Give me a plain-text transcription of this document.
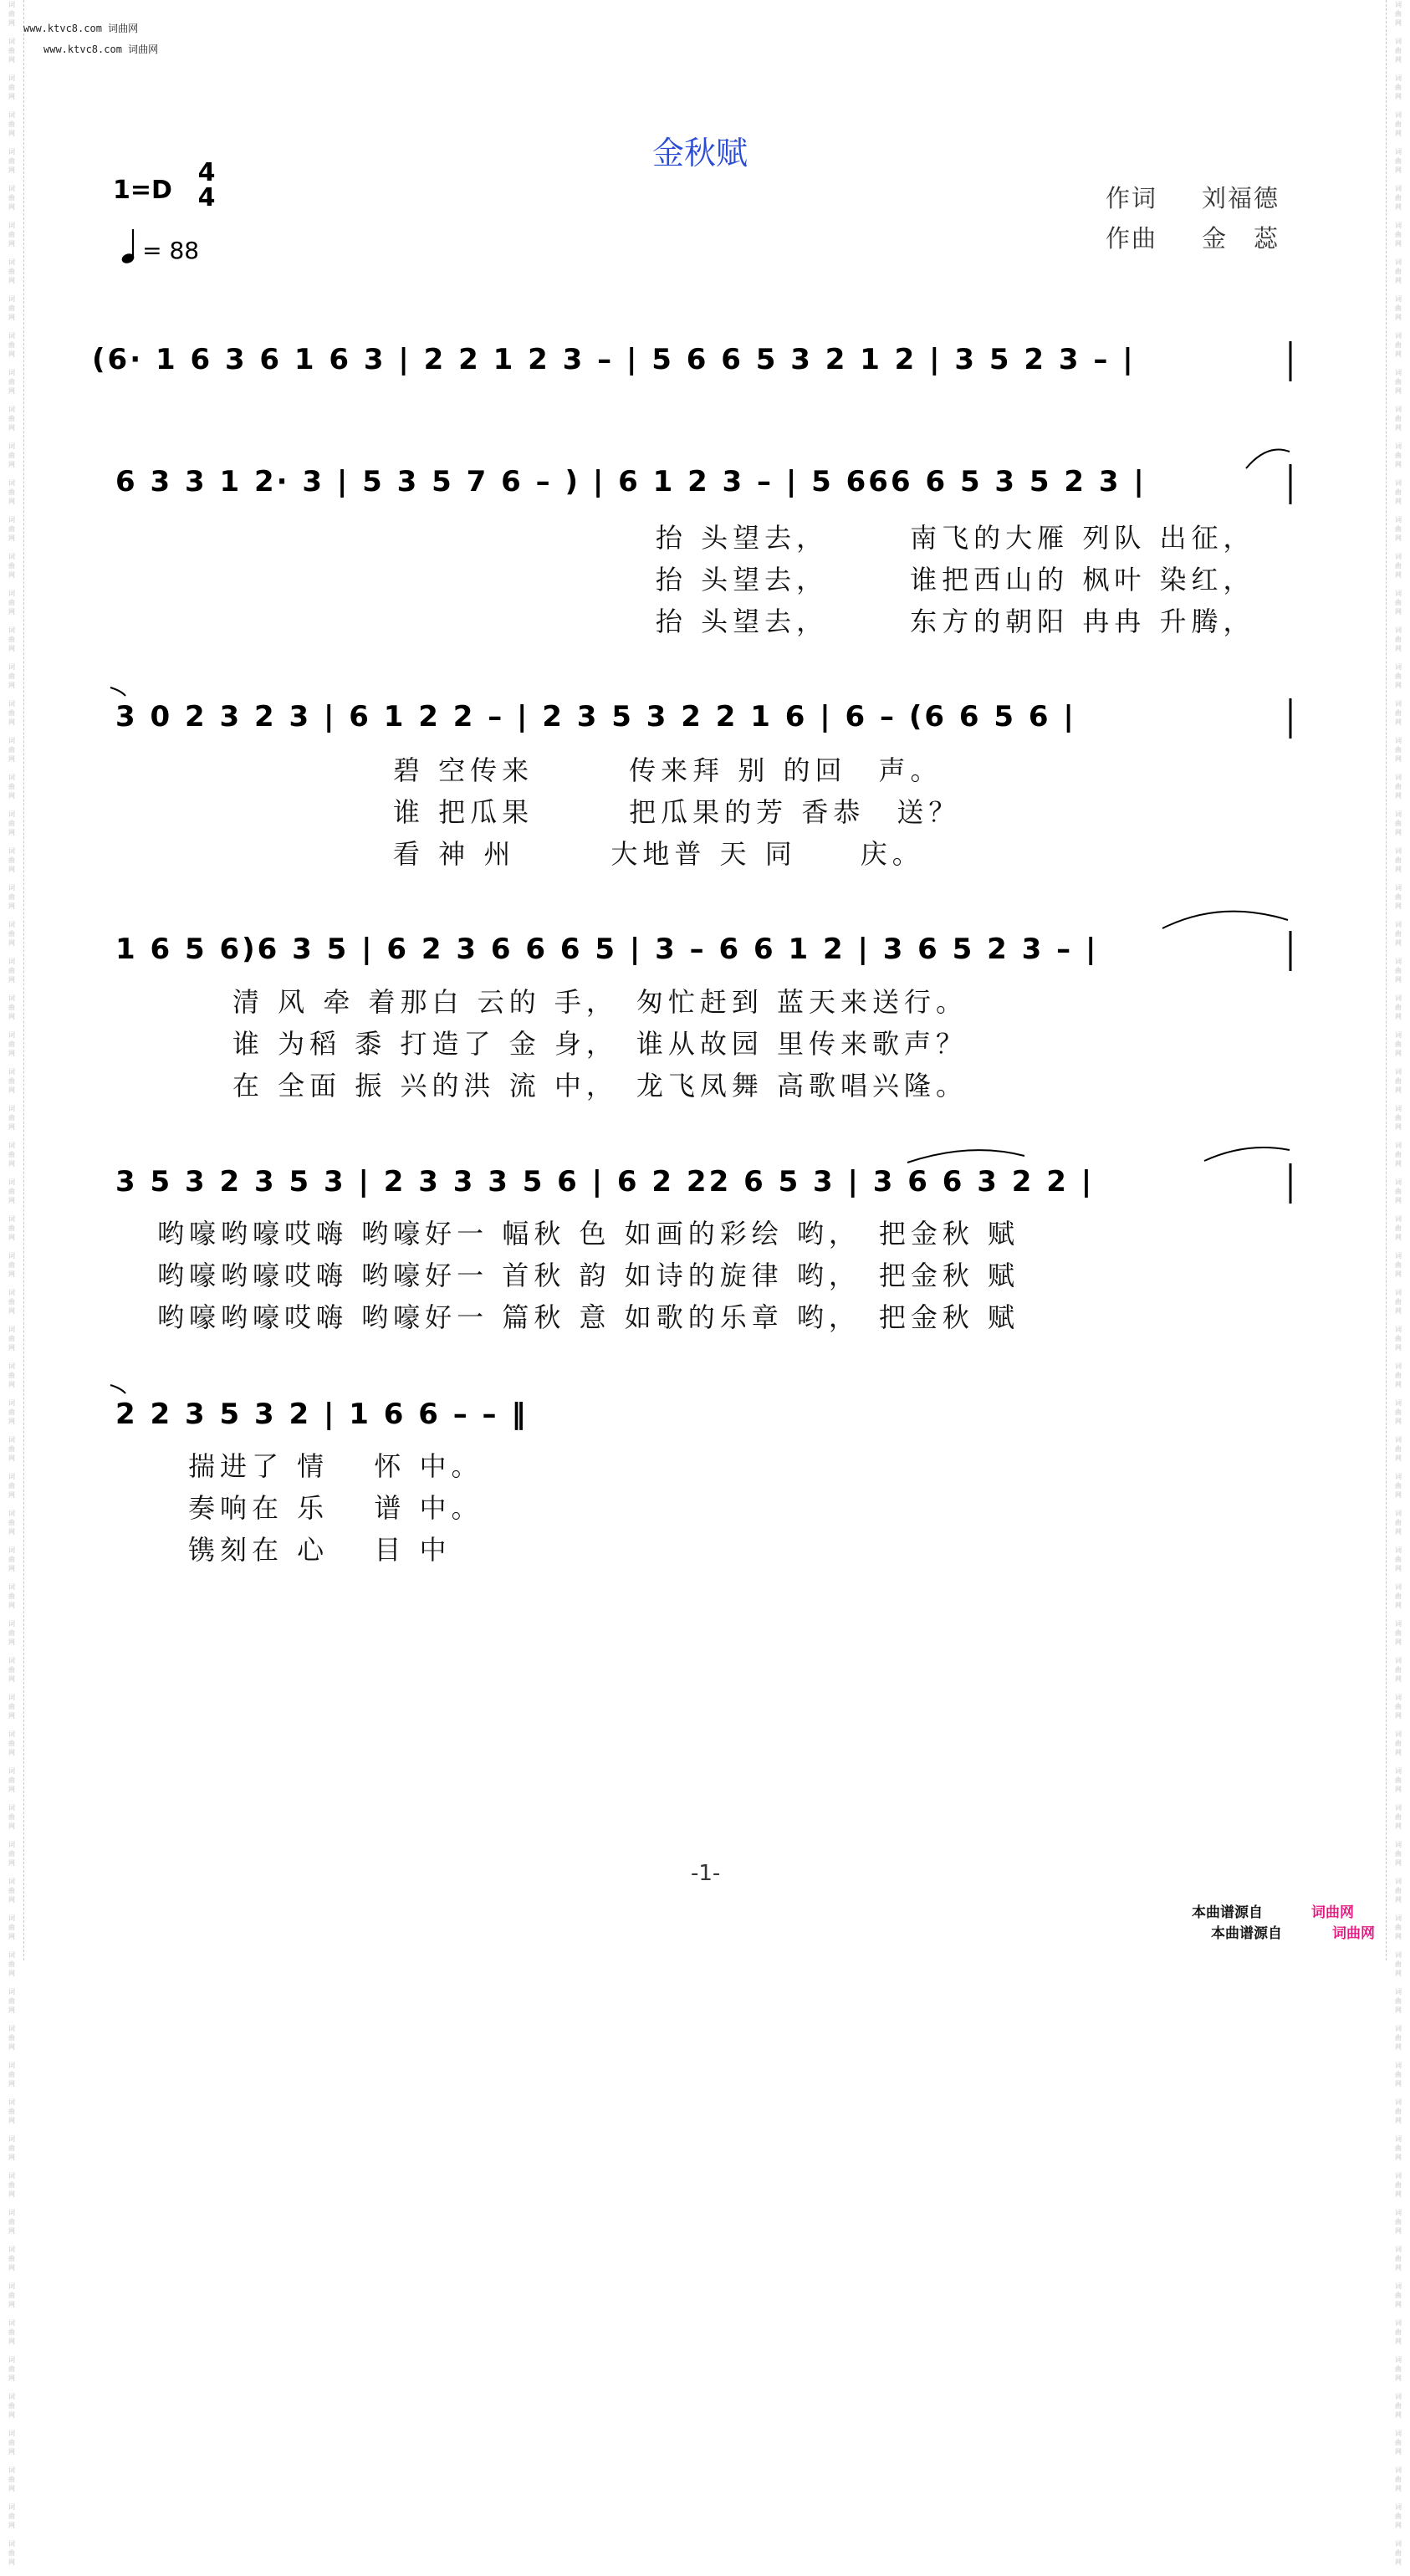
词
曲
网

词
曲
网

词
曲
网

词
曲
网

词
曲
网

词
曲
网

词
曲
网

词
曲
网

词
曲
网

词
曲
网

词
曲
网

词
曲
网

词
曲
网

词
曲
网

词
曲
网

词
曲
网

词
曲
网

词
曲
网

词
曲
网

词
曲
网

词
曲
网

词
曲
网

词
曲
网

词
曲
网

词
曲
网

词
曲
网

词
曲
网

词
曲
网

词
曲
网

词
曲
网

词
曲
网

词
曲
网

词
曲
网

词
曲
网

词
曲
网

词
曲
网

词
曲
网

词
曲
网

词
曲
网

词
曲
网

词
曲
网

词
曲
网

词
曲
网

词
曲
网

词
曲
网

词
曲
网

词
曲
网

词
曲
网

词
曲
网

词
曲
网

词
曲
网

词
曲
网

词
曲
网

词
曲
网

词
曲
网

词
曲
网

词
曲
网

词
曲
网

词
曲
网

词
曲
网

词
曲
网

词
曲
网

词
曲
网

词
曲
网

词
曲
网

词
曲
网

词
曲
网

词
曲
网

词
曲
网

词
曲
网

词
曲
网

词
曲
网

词
曲
网

词
曲
网

词
曲
网

词
曲
网

词
曲
网

词
曲
网

词
曲
网

词
曲
网

词
曲
网

词
曲
网

词
曲
网

词
曲
网

词
曲
网

词
曲
网

词
曲
网

词
曲
网

词
曲
网

词
曲
网

词
曲
网

词
曲
网

词
曲
网

词
曲
网

词
曲
网

词
曲
网

词
曲
网

词
曲
网

词
曲
网

词
曲
网

词
曲
网

词
曲
网

词
曲
网

词
曲
网

词
曲
网

词
曲
网

词
曲
网

词
曲
网

词
曲
网

词
曲
网

词
曲
网

词
曲
网

词
曲
网

词
曲
网

词
曲
网

词
曲
网

词
曲
网

词
曲
网

词
曲
网

词
曲
网

词
曲
网

词
曲
网

词
曲
网

词
曲
网

词
曲
网

词
曲
网

词
曲
网

词
曲
网

词
曲
网

词
曲
网

词
曲
网

词
曲
网

词
曲
网

词
曲
网

词
曲
网

词
曲
网

词
曲
网

词
曲
网

词
曲
网

词
曲
网

www.ktvc8.com 词曲网
www.ktvc8.com 词曲网
金秋赋
1=D
4
4
= 88
作词 刘福德
作曲 金　蕊
(6· 1 6 3 6 1 6 3 | 2 2 1 2 3 – | 5 6 6 5 3 2 1 2 | 3 5 2 3 – |
6 3 3 1 2· 3 | 5 3 5 7 6 – ) | 6 1 2 3 – | 5 666 6 5 3 5 2 3 |
抬 头望去，　　　南飞的大雁 列队 出征，
抬 头望去，　　　谁把西山的 枫叶 染红，
抬 头望去，　　　东方的朝阳 冉冉 升腾，
3 0 2 3 2 3 | 6 1 2 2 – | 2 3 5 3 2 2 1 6 | 6 – (6 6 5 6 |
碧 空传来　　　传来拜 别 的回　声。
谁 把瓜果　　　把瓜果的芳 香恭　送？
看 神 州　　　大地普 天 同　　庆。
1 6 5 6)6 3 5 | 6 2 3 6 6 6 5 | 3 – 6 6 1 2 | 3 6 5 2 3 – |
清 风 牵 着那白 云的 手，　匆忙赶到 蓝天来送行。
谁 为稻 黍 打造了 金 身，　谁从故园 里传来歌声？
在 全面 振 兴的洪 流 中，　龙飞凤舞 高歌唱兴隆。
3 5 3 2 3 5 3 | 2 3 3 3 5 6 | 6 2 22 6 5 3 | 3 6 6 3 2 2 |
哟嚎哟嚎哎嗨 哟嚎好一 幅秋 色 如画的彩绘 哟，　把金秋 赋
哟嚎哟嚎哎嗨 哟嚎好一 首秋 韵 如诗的旋律 哟，　把金秋 赋
哟嚎哟嚎哎嗨 哟嚎好一 篇秋 意 如歌的乐章 哟，　把金秋 赋
2 2 3 5 3 2 | 1 6 6 – – ‖
揣进了 情　 怀 中。
奏响在 乐　 谱 中。
镌刻在 心　 目 中
-1-
本曲谱源自	词曲网
本曲谱源自	词曲网
